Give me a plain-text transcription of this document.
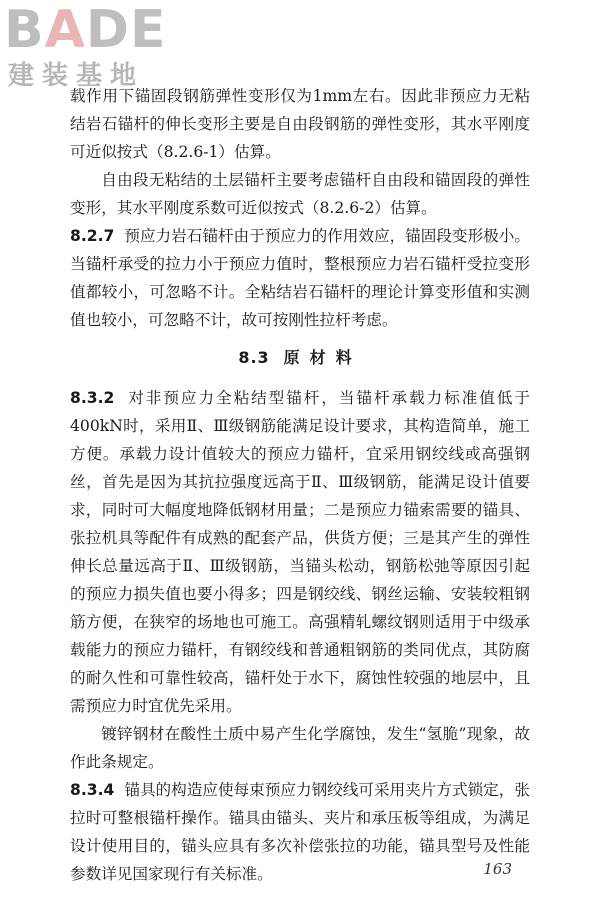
BADE
建装基地

载作用下锚固段钢筋弹性变形仅为1mm左右。因此非预应力无粘结岩石锚杆的伸长变形主要是自由段钢筋的弹性变形，其水平刚度可近似按式（8.2.6-1）估算。

自由段无粘结的土层锚杆主要考虑锚杆自由段和锚固段的弹性变形，其水平刚度系数可近似按式（8.2.6-2）估算。

8.2.7 预应力岩石锚杆由于预应力的作用效应，锚固段变形极小。当锚杆承受的拉力小于预应力值时，整根预应力岩石锚杆受拉变形值都较小，可忽略不计。全粘结岩石锚杆的理论计算变形值和实测值也较小，可忽略不计，故可按刚性拉杆考虑。

8.3 原材料

8.3.2 对非预应力全粘结型锚杆，当锚杆承载力标准值低于400kN时，采用Ⅱ、Ⅲ级钢筋能满足设计要求，其构造简单，施工方便。承载力设计值较大的预应力锚杆，宜采用钢绞线或高强钢丝，首先是因为其抗拉强度远高于Ⅱ、Ⅲ级钢筋，能满足设计值要求，同时可大幅度地降低钢材用量；二是预应力锚索需要的锚具、张拉机具等配件有成熟的配套产品，供货方便；三是其产生的弹性伸长总量远高于Ⅱ、Ⅲ级钢筋，当锚头松动，钢筋松弛等原因引起的预应力损失值也要小得多；四是钢绞线、钢丝运输、安装较粗钢筋方便，在狭窄的场地也可施工。高强精轧螺纹钢则适用于中级承载能力的预应力锚杆，有钢绞线和普通粗钢筋的类同优点，其防腐的耐久性和可靠性较高，锚杆处于水下，腐蚀性较强的地层中，且需预应力时宜优先采用。

镀锌钢材在酸性土质中易产生化学腐蚀，发生“氢脆”现象，故作此条规定。

8.3.4 锚具的构造应使每束预应力钢绞线可采用夹片方式锁定，张拉时可整根锚杆操作。锚具由锚头、夹片和承压板等组成，为满足设计使用目的，锚头应具有多次补偿张拉的功能，锚具型号及性能参数详见国家现行有关标准。	163
